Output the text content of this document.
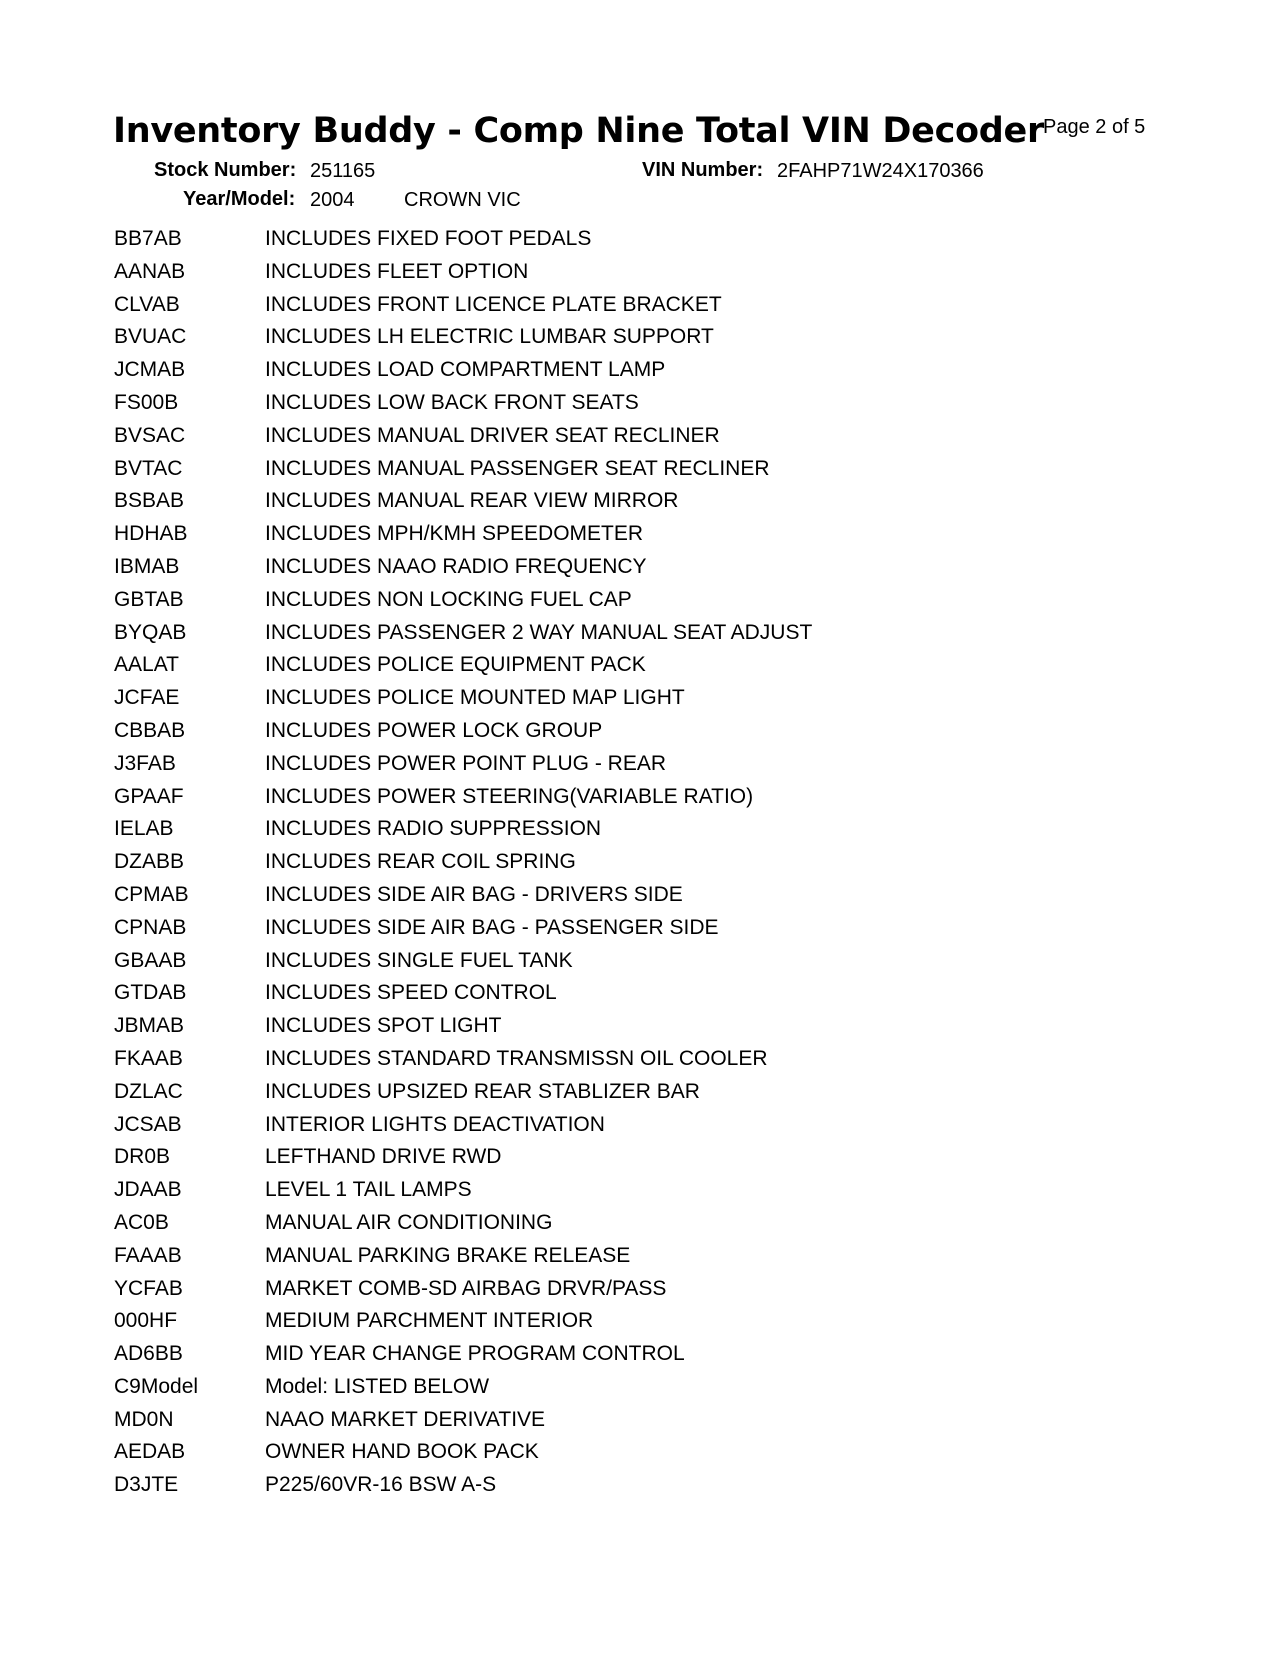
Inventory Buddy - Comp Nine Total VIN Decoder Page 2 of 5
Stock Number: 251165	VIN Number: 2FAHP71W24X170366
Year/Model: 2004 CROWN VIC
BB7AB	INCLUDES FIXED FOOT PEDALS
AANAB	INCLUDES FLEET OPTION
CLVAB	INCLUDES FRONT LICENCE PLATE BRACKET
BVUAC	INCLUDES LH ELECTRIC LUMBAR SUPPORT
JCMAB	INCLUDES LOAD COMPARTMENT LAMP
FS00B	INCLUDES LOW BACK FRONT SEATS
BVSAC	INCLUDES MANUAL DRIVER SEAT RECLINER
BVTAC	INCLUDES MANUAL PASSENGER SEAT RECLINER
BSBAB	INCLUDES MANUAL REAR VIEW MIRROR
HDHAB	INCLUDES MPH/KMH SPEEDOMETER
IBMAB	INCLUDES NAAO RADIO FREQUENCY
GBTAB	INCLUDES NON LOCKING FUEL CAP
BYQAB	INCLUDES PASSENGER 2 WAY MANUAL SEAT ADJUST
AALAT	INCLUDES POLICE EQUIPMENT PACK
JCFAE	INCLUDES POLICE MOUNTED MAP LIGHT
CBBAB	INCLUDES POWER LOCK GROUP
J3FAB	INCLUDES POWER POINT PLUG - REAR
GPAAF	INCLUDES POWER STEERING(VARIABLE RATIO)
IELAB	INCLUDES RADIO SUPPRESSION
DZABB	INCLUDES REAR COIL SPRING
CPMAB	INCLUDES SIDE AIR BAG - DRIVERS SIDE
CPNAB	INCLUDES SIDE AIR BAG - PASSENGER SIDE
GBAAB	INCLUDES SINGLE FUEL TANK
GTDAB	INCLUDES SPEED CONTROL
JBMAB	INCLUDES SPOT LIGHT
FKAAB	INCLUDES STANDARD TRANSMISSN OIL COOLER
DZLAC	INCLUDES UPSIZED REAR STABLIZER BAR
JCSAB	INTERIOR LIGHTS DEACTIVATION
DR0B	LEFTHAND DRIVE RWD
JDAAB	LEVEL 1 TAIL LAMPS
AC0B	MANUAL AIR CONDITIONING
FAAAB	MANUAL PARKING BRAKE RELEASE
YCFAB	MARKET COMB-SD AIRBAG DRVR/PASS
000HF	MEDIUM PARCHMENT INTERIOR
AD6BB	MID YEAR CHANGE PROGRAM CONTROL
C9Model	Model: LISTED BELOW
MD0N	NAAO MARKET DERIVATIVE
AEDAB	OWNER HAND BOOK PACK
D3JTE	P225/60VR-16 BSW A-S
